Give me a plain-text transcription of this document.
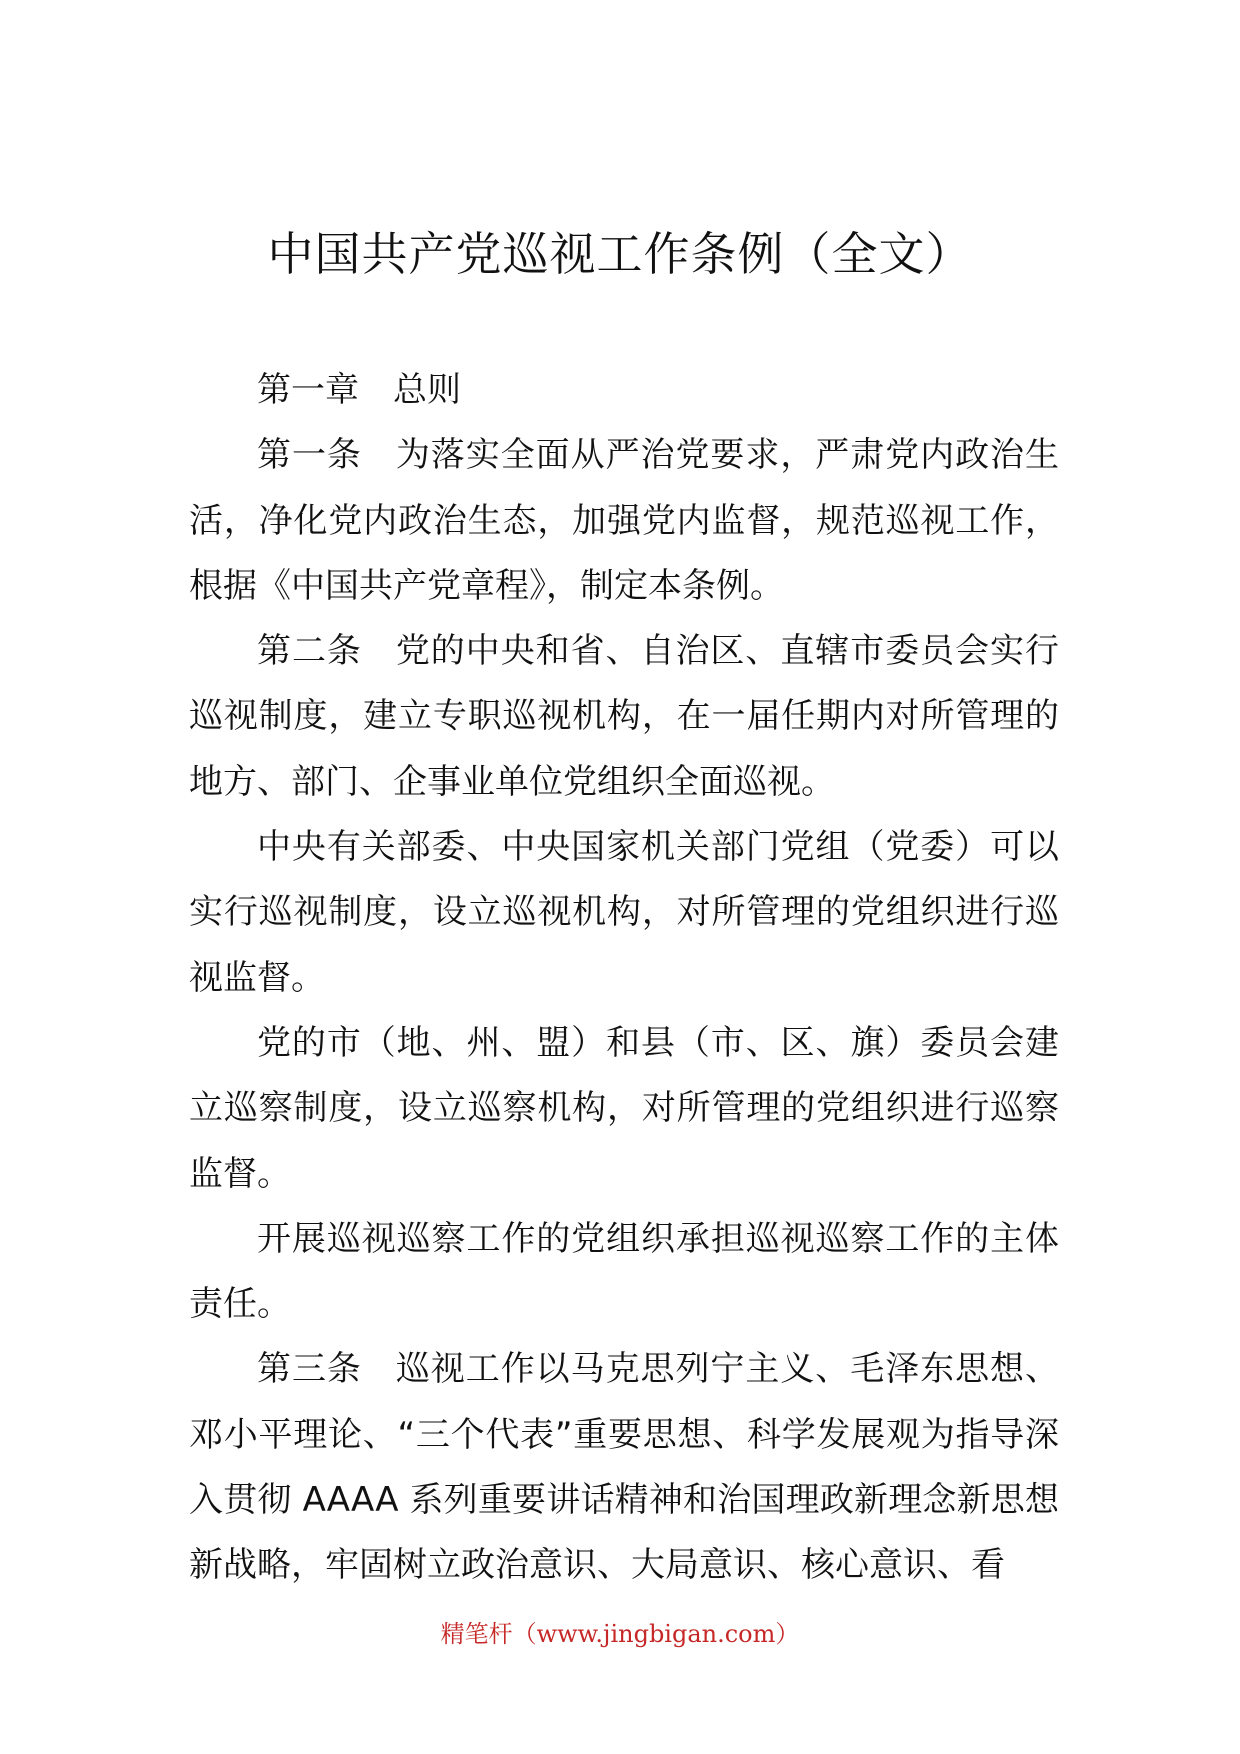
中国共产党巡视工作条例（全文）

第一章 总则

第一条 为落实全面从严治党要求，严肃党内政治生活，净化党内政治生态，加强党内监督，规范巡视工作，根据《中国共产党章程》，制定本条例。

第二条 党的中央和省、自治区、直辖市委员会实行巡视制度，建立专职巡视机构，在一届任期内对所管理的地方、部门、企事业单位党组织全面巡视。

中央有关部委、中央国家机关部门党组（党委）可以实行巡视制度，设立巡视机构，对所管理的党组织进行巡视监督。

党的市（地、州、盟）和县（市、区、旗）委员会建立巡察制度，设立巡察机构，对所管理的党组织进行巡察监督。

开展巡视巡察工作的党组织承担巡视巡察工作的主体责任。

第三条 巡视工作以马克思列宁主义、毛泽东思想、邓小平理论、“三个代表”重要思想、科学发展观为指导深入贯彻 AAAA 系列重要讲话精神和治国理政新理念新思想新战略，牢固树立政治意识、大局意识、核心意识、看

精笔杆（www.jingbigan.com）
